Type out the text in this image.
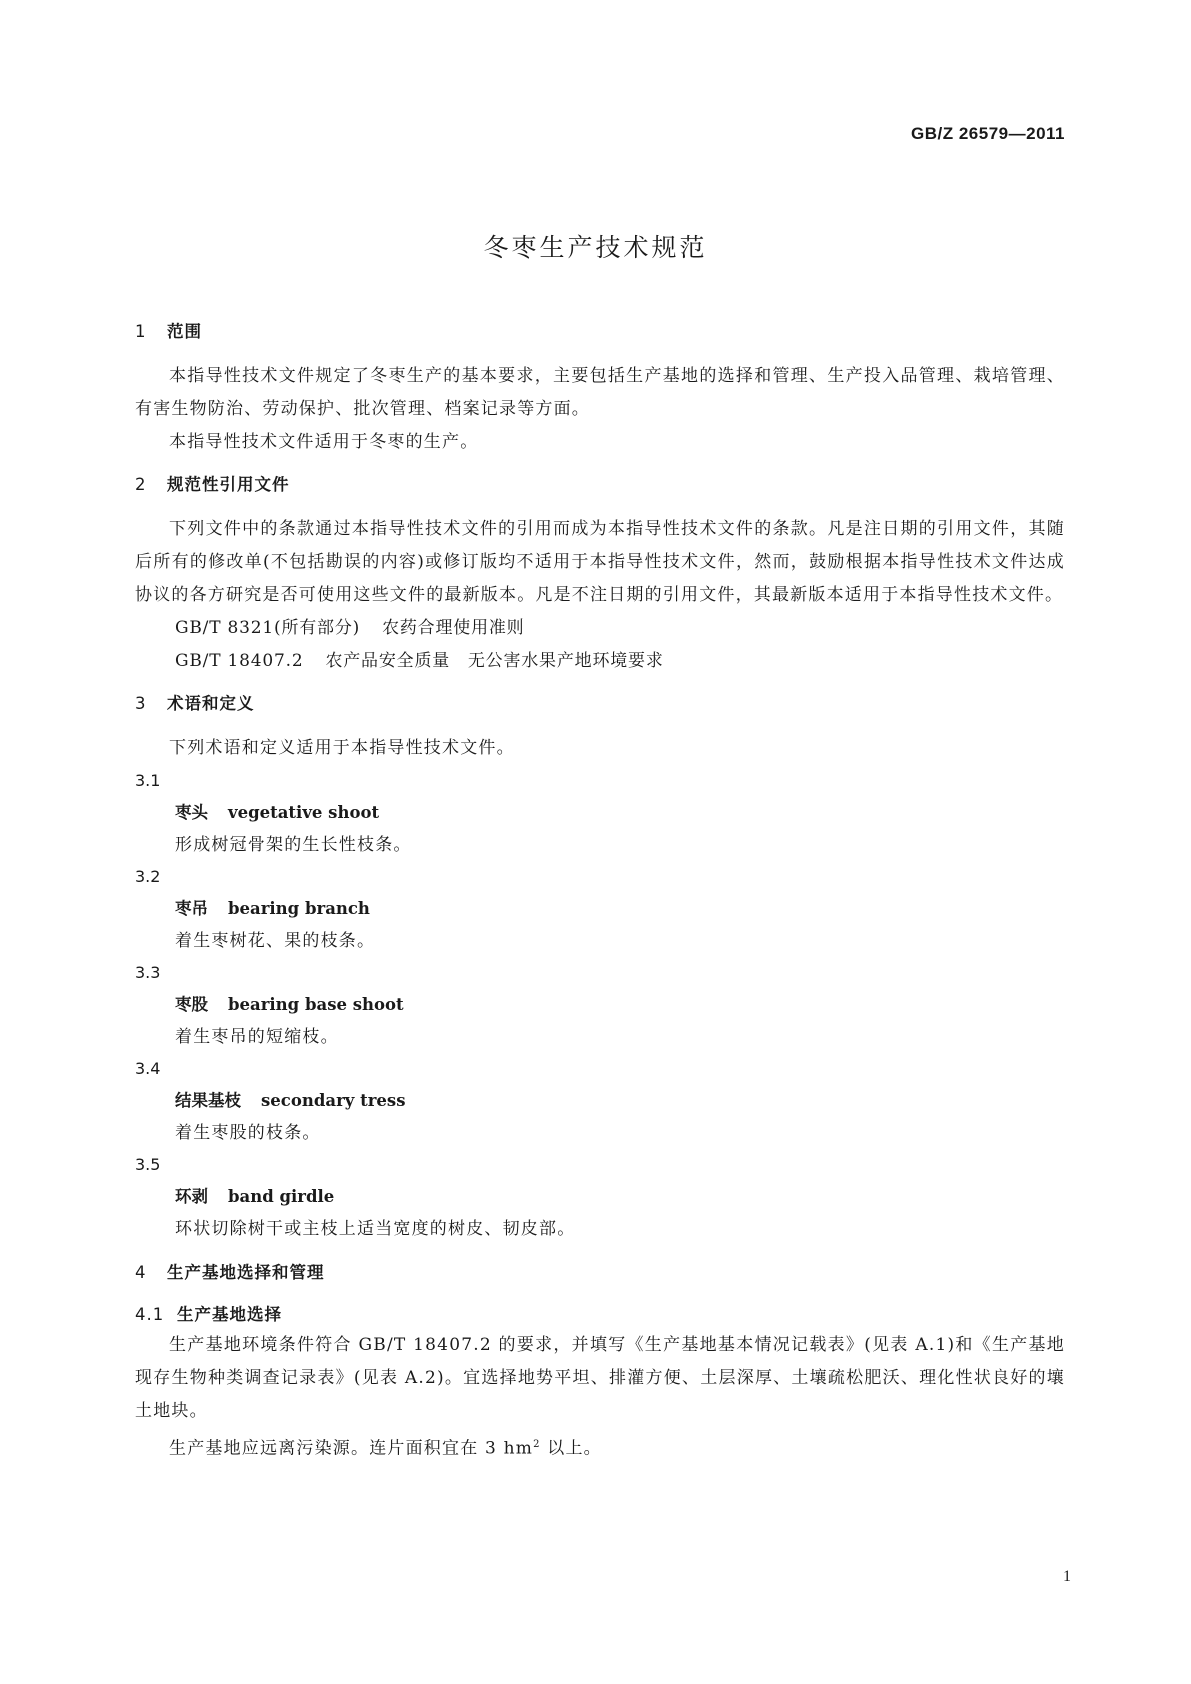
GB/Z 26579—2011
冬枣生产技术规范

1 范围

本指导性技术文件规定了冬枣生产的基本要求，主要包括生产基地的选择和管理、生产投入品管理、栽培管理、有害生物防治、劳动保护、批次管理、档案记录等方面。

本指导性技术文件适用于冬枣的生产。

2 规范性引用文件

下列文件中的条款通过本指导性技术文件的引用而成为本指导性技术文件的条款。凡是注日期的引用文件，其随后所有的修改单(不包括勘误的内容)或修订版均不适用于本指导性技术文件，然而，鼓励根据本指导性技术文件达成协议的各方研究是否可使用这些文件的最新版本。凡是不注日期的引用文件，其最新版本适用于本指导性技术文件。

GB/T 8321(所有部分) 农药合理使用准则

GB/T 18407.2 农产品安全质量　无公害水果产地环境要求

3 术语和定义

下列术语和定义适用于本指导性技术文件。

3.1

枣头 vegetative shoot

形成树冠骨架的生长性枝条。

3.2

枣吊 bearing branch

着生枣树花、果的枝条。

3.3

枣股 bearing base shoot

着生枣吊的短缩枝。

3.4

结果基枝 secondary tress

着生枣股的枝条。

3.5

环剥 band girdle

环状切除树干或主枝上适当宽度的树皮、韧皮部。

4 生产基地选择和管理

4.1 生产基地选择

生产基地环境条件符合 GB/T 18407.2 的要求，并填写《生产基地基本情况记载表》(见表 A.1)和《生产基地现存生物种类调查记录表》(见表 A.2)。宜选择地势平坦、排灌方便、土层深厚、土壤疏松肥沃、理化性状良好的壤土地块。

生产基地应远离污染源。连片面积宜在 3 $hm^2$ 以上。

1
